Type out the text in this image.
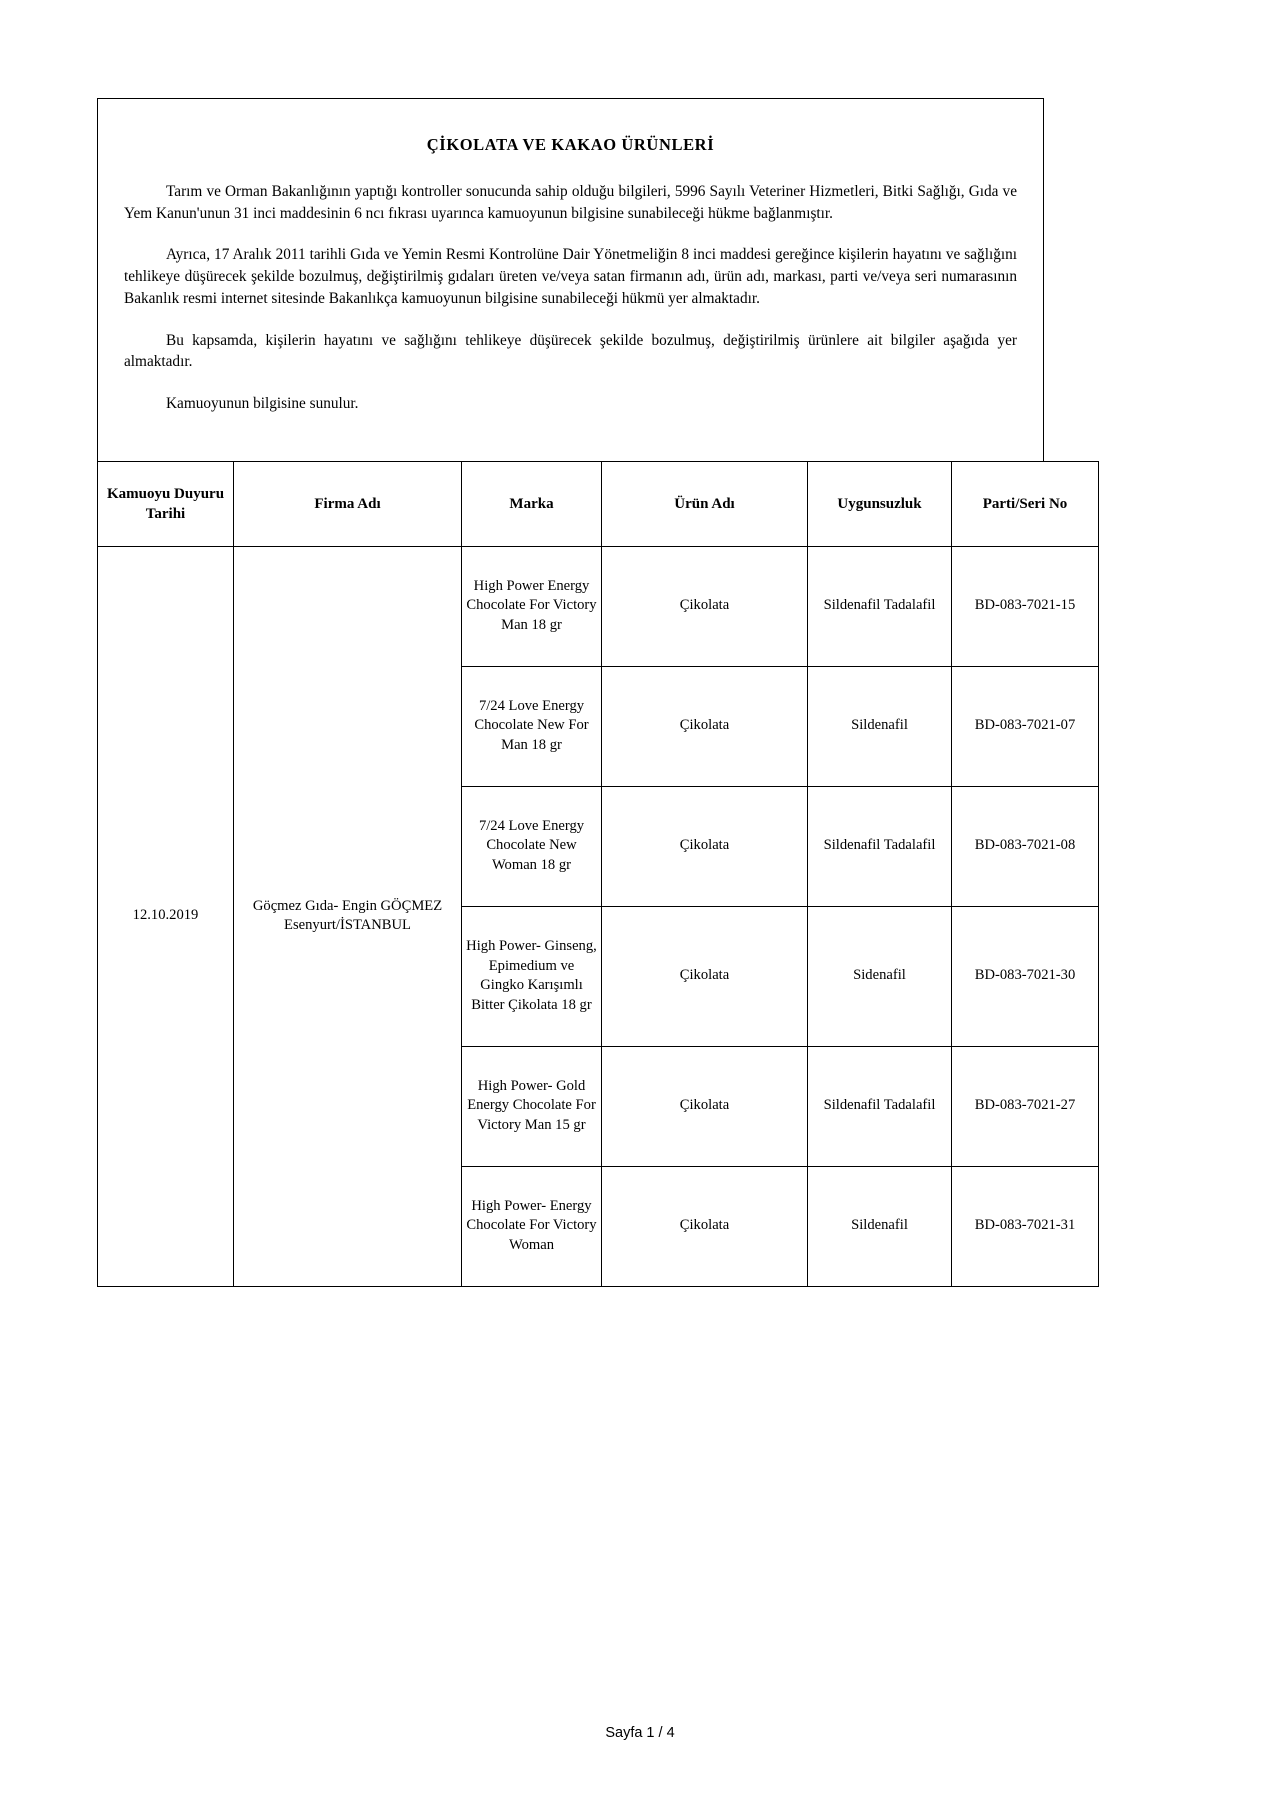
ÇİKOLATA VE KAKAO ÜRÜNLERİ

Tarım ve Orman Bakanlığının yaptığı kontroller sonucunda sahip olduğu bilgileri, 5996 Sayılı Veteriner Hizmetleri, Bitki Sağlığı, Gıda ve Yem Kanun'unun 31 inci maddesinin 6 ncı fıkrası uyarınca kamuoyunun bilgisine sunabileceği hükme bağlanmıştır.

Ayrıca, 17 Aralık 2011 tarihli Gıda ve Yemin Resmi Kontrolüne Dair Yönetmeliğin 8 inci maddesi gereğince kişilerin hayatını ve sağlığını tehlikeye düşürecek şekilde bozulmuş, değiştirilmiş gıdaları üreten ve/veya satan firmanın adı, ürün adı, markası, parti ve/veya seri numarasının Bakanlık resmi internet sitesinde Bakanlıkça kamuoyunun bilgisine sunabileceği hükmü yer almaktadır.

Bu kapsamda, kişilerin hayatını ve sağlığını tehlikeye düşürecek şekilde bozulmuş, değiştirilmiş ürünlere ait bilgiler aşağıda yer almaktadır.

Kamuoyunun bilgisine sunulur.

Kamuoyu Duyuru Tarihi	Firma Adı	Marka	Ürün Adı	Uygunsuzluk	Parti/Seri No
12.10.2019	Göçmez Gıda- Engin GÖÇMEZ Esenyurt/İSTANBUL	High Power Energy Chocolate For Victory Man 18 gr	Çikolata	Sildenafil Tadalafil	BD-083-7021-15
		7/24 Love Energy Chocolate New For Man 18 gr	Çikolata	Sildenafil	BD-083-7021-07
		7/24 Love Energy Chocolate New Woman 18 gr	Çikolata	Sildenafil Tadalafil	BD-083-7021-08
		High Power- Ginseng, Epimedium ve Gingko Karışımlı Bitter Çikolata 18 gr	Çikolata	Sidenafil	BD-083-7021-30
		High Power- Gold Energy Chocolate For Victory Man 15 gr	Çikolata	Sildenafil Tadalafil	BD-083-7021-27
		High Power- Energy Chocolate For Victory Woman	Çikolata	Sildenafil	BD-083-7021-31
Sayfa 1 / 4
